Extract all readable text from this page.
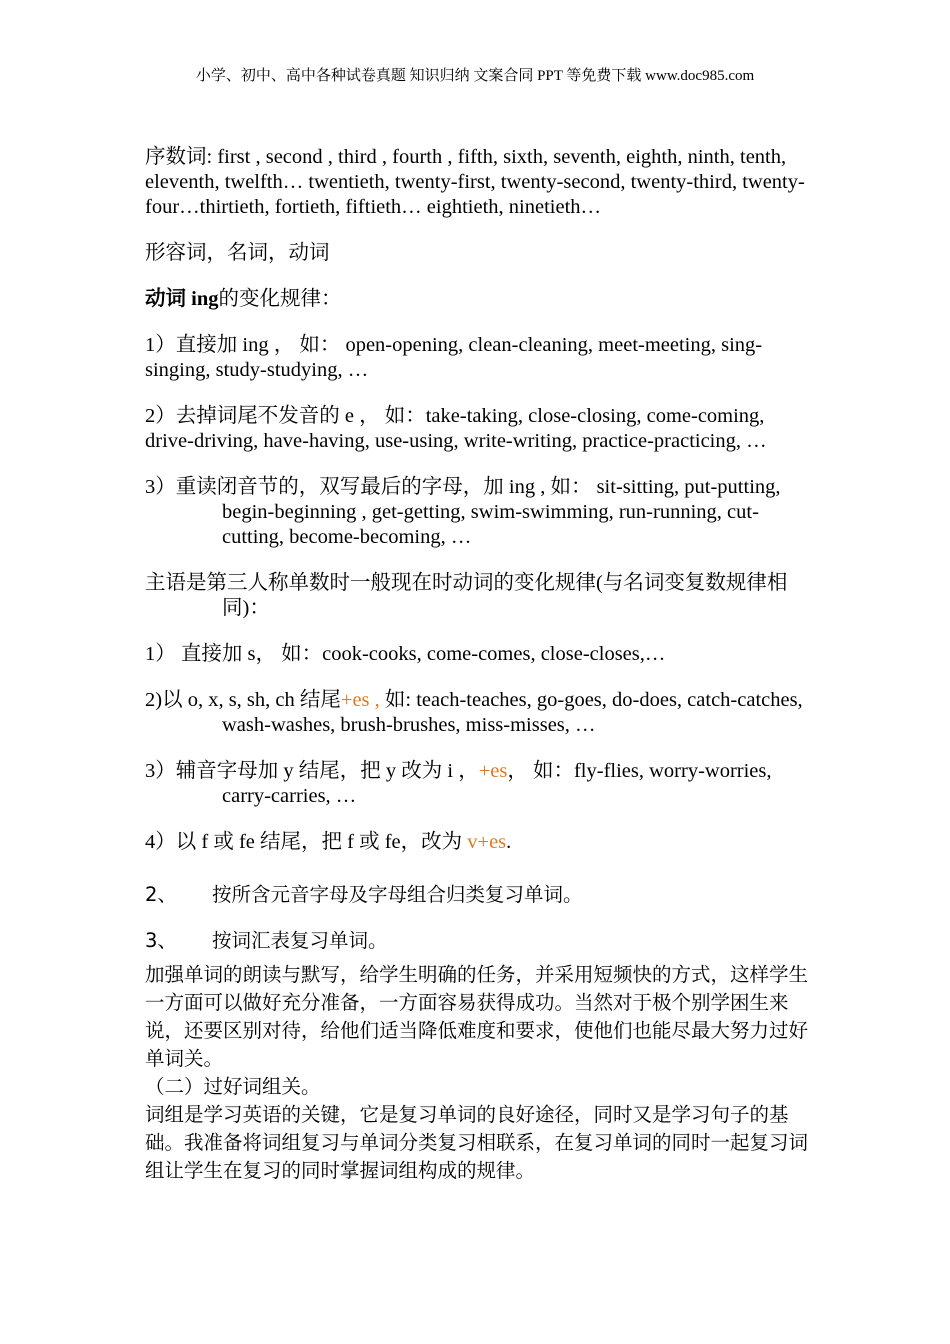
小学、初中、高中各种试卷真题 知识归纳 文案合同 PPT 等免费下载 www.doc985.com

序数词: first , second , third , fourth , fifth, sixth, seventh, eighth, ninth, tenth, eleventh, twelfth… twentieth, twenty-first, twenty-second, twenty-third, twenty-four…thirtieth, fortieth, fiftieth… eightieth, ninetieth…

形容词，名词，动词

动词 ing的变化规律：

1）直接加 ing ， 如： open-opening, clean-cleaning, meet-meeting, sing-singing, study-studying, …

2）去掉词尾不发音的 e ， 如：take-taking, close-closing, come-coming, drive-driving, have-having, use-using, write-writing, practice-practicing, …

3）重读闭音节的，双写最后的字母，加 ing , 如： sit-sitting, put-putting, begin-beginning , get-getting, swim-swimming, run-running, cut-cutting, become-becoming, …

主语是第三人称单数时一般现在时动词的变化规律(与名词变复数规律相同)：

1） 直接加 s， 如：cook-cooks, come-comes, close-closes,…

2)以 o, x, s, sh, ch 结尾+es , 如: teach-teaches, go-goes, do-does, catch-catches, wash-washes, brush-brushes, miss-misses, …

3）辅音字母加 y 结尾，把 y 改为 i ，+es， 如：fly-flies, worry-worries, carry-carries, …

4）以 f 或 fe 结尾，把 f 或 fe，改为 v+es.

2、	按所含元音字母及字母组合归类复习单词。
3、	按词汇表复习单词。

加强单词的朗读与默写，给学生明确的任务，并采用短频快的方式，这样学生一方面可以做好充分准备，一方面容易获得成功。当然对于极个别学困生来说，还要区别对待，给他们适当降低难度和要求，使他们也能尽最大努力过好单词关。

（二）过好词组关。

词组是学习英语的关键，它是复习单词的良好途径，同时又是学习句子的基础。我准备将词组复习与单词分类复习相联系，在复习单词的同时一起复习词组让学生在复习的同时掌握词组构成的规律。
